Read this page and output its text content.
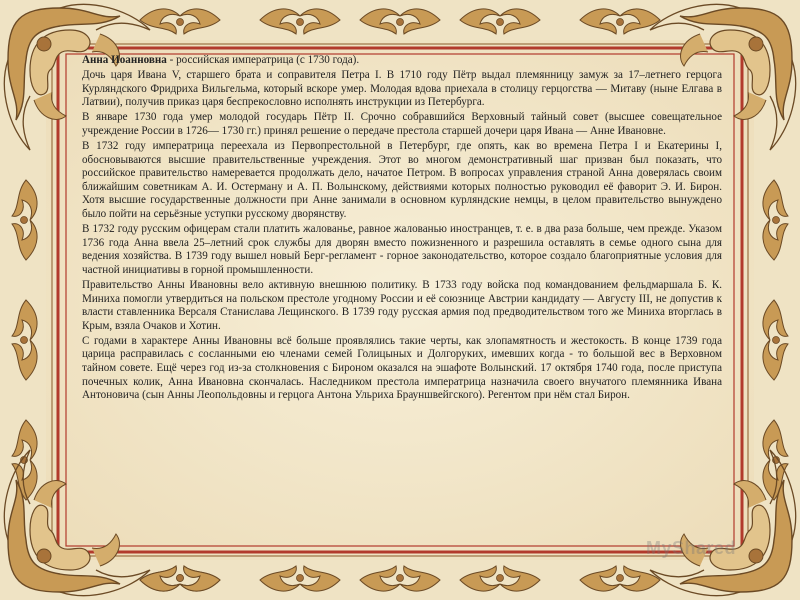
Анна Иоанновна - российская императрица (с 1730 года).

Дочь царя Ивана V, старшего брата и соправителя Петра I. В 1710 году Пётр выдал племянницу замуж за 17–летнего герцога Курляндского Фридриха Вильгельма, который вскоре умер. Молодая вдова приехала в столицу герцогства — Митаву (ныне Елгава в Латвии), получив приказ царя беспрекословно исполнять инструкции из Петербурга.

В январе 1730 года умер молодой государь Пётр II. Срочно собравшийся Верховный тайный совет (высшее совещательное учреждение России в 1726— 1730 гг.) принял решение о передаче престола старшей дочери царя Ивана — Анне Ивановне.

В 1732 году императрица переехала из Первопрестольной в Петербург, где опять, как во времена Петра I и Екатерины I, обосновываются высшие правительственные учреждения. Этот во многом демонстративный шаг призван был показать, что российское правительство намеревается продолжать дело, начатое Петром. В вопросах управления страной Анна доверялась своим ближайшим советникам А. И. Остерману и А. П. Волынскому, действиями которых полностью руководил её фаворит Э. И. Бирон. Хотя высшие государственные должности при Анне занимали в основном курляндские немцы, в целом правительство вынуждено было пойти на серьёзные уступки русскому дворянству.

В 1732 году русским офицерам стали платить жалованье, равное жалованью иностранцев, т. е. в два раза больше, чем прежде. Указом 1736 года Анна ввела 25–летний срок службы для дворян вместо пожизненного и разрешила оставлять в семье одного сына для ведения хозяйства. В 1739 году вышел новый Берг-регламент - горное законодательство, которое создало благоприятные условия для частной инициативы в горной промышленности.

Правительство Анны Ивановны вело активную внешнюю политику. В 1733 году войска под командованием фельдмаршала Б. К. Миниха помогли утвердиться на польском престоле угодному России и её союзнице Австрии кандидату — Августу III, не допустив к власти ставленника Версаля Станислава Лещинского. В 1739 году русская армия под предводительством того же Миниха вторглась в Крым, взяла Очаков и Хотин.

С годами в характере Анны Ивановны всё больше проявлялись такие черты, как злопамятность и жестокость. В конце 1739 года царица расправилась с сосланными ею членами семей Голицыных и Долгоруких, имевших когда - то большой вес в Верховном тайном совете. Ещё через год из-за столкновения с Бироном оказался на эшафоте Волынский. 17 октября 1740 года, после приступа почечных колик, Анна Ивановна скончалась. Наследником престола императрица назначила своего внучатого племянника Ивана Антоновича (сын Анны Леопольдовны и герцога Антона Ульриха Брауншвейгского). Регентом при нём стал Бирон.

MyShared
